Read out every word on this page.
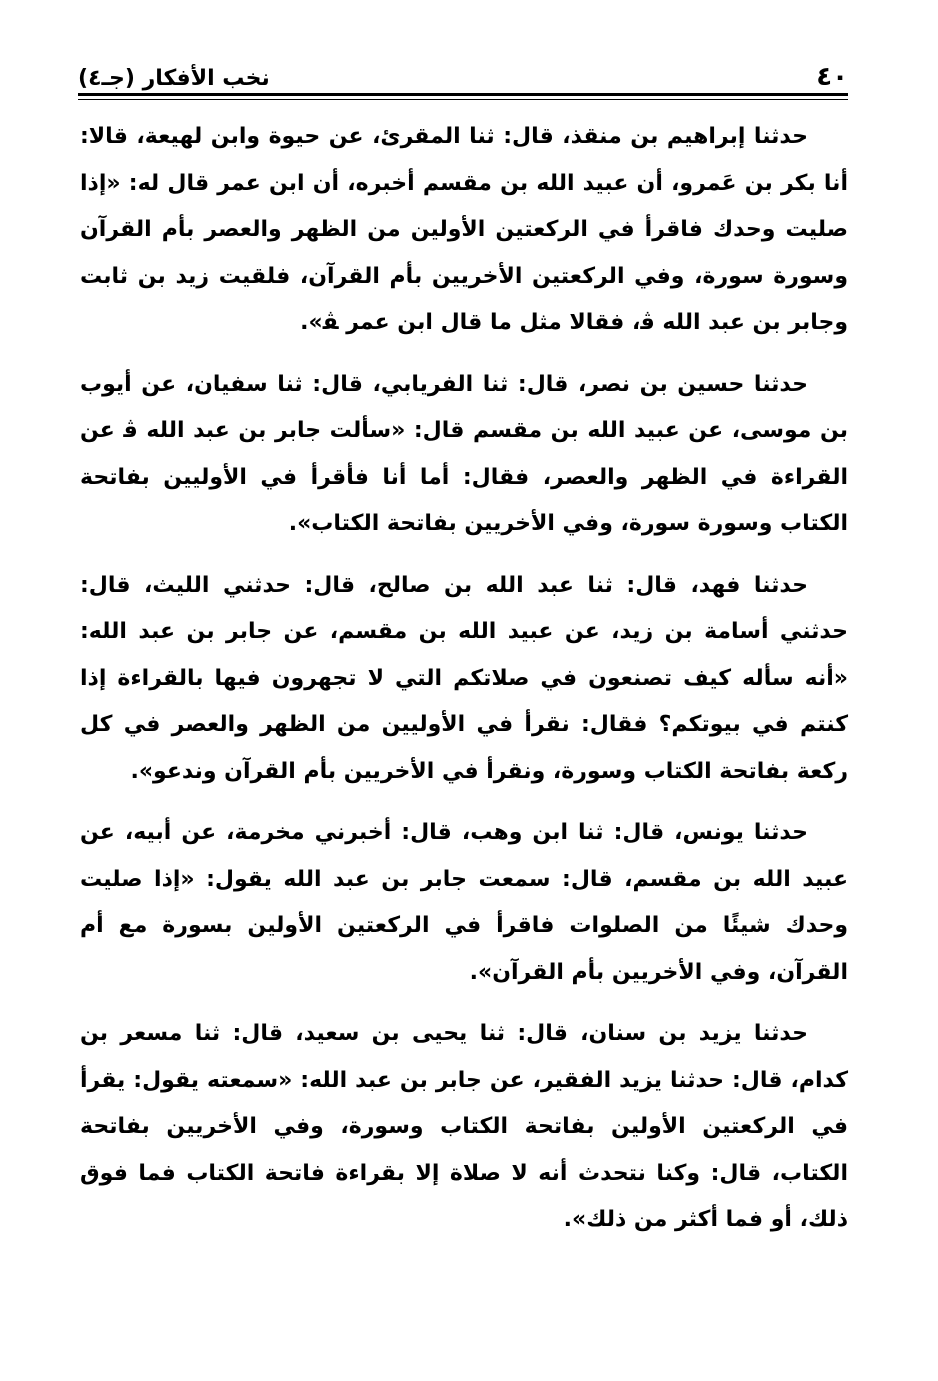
٤٠
نخب الأفكار (جـ٤)

حدثنا إبراهيم بن منقذ، قال: ثنا المقرئ، عن حيوة وابن لهيعة، قالا: أنا بكر بن عَمرو، أن عبيد الله بن مقسم أخبره، أن ابن عمر قال له: «إذا صليت وحدك فاقرأ في الركعتين الأولين من الظهر والعصر بأم القرآن وسورة سورة، وفي الركعتين الأخريين بأم القرآن، فلقيت زيد بن ثابت وجابر بن عبد الله ﭬ، فقالا مثل ما قال ابن عمر ﭭ».

حدثنا حسين بن نصر، قال: ثنا الفريابي، قال: ثنا سفيان، عن أيوب بن موسى، عن عبيد الله بن مقسم قال: «سألت جابر بن عبد الله ﭬ عن القراءة في الظهر والعصر، فقال: أما أنا فأقرأ في الأوليين بفاتحة الكتاب وسورة سورة، وفي الأخريين بفاتحة الكتاب».

حدثنا فهد، قال: ثنا عبد الله بن صالح، قال: حدثني الليث، قال: حدثني أسامة بن زيد، عن عبيد الله بن مقسم، عن جابر بن عبد الله: «أنه سأله كيف تصنعون في صلاتكم التي لا تجهرون فيها بالقراءة إذا كنتم في بيوتكم؟ فقال: نقرأ في الأوليين من الظهر والعصر في كل ركعة بفاتحة الكتاب وسورة، ونقرأ في الأخريين بأم القرآن وندعو».

حدثنا يونس، قال: ثنا ابن وهب، قال: أخبرني مخرمة، عن أبيه، عن عبيد الله بن مقسم، قال: سمعت جابر بن عبد الله يقول: «إذا صليت وحدك شيئًا من الصلوات فاقرأ في الركعتين الأولين بسورة مع أم القرآن، وفي الأخريين بأم القرآن».

حدثنا يزيد بن سنان، قال: ثنا يحيى بن سعيد، قال: ثنا مسعر بن كدام، قال: حدثنا يزيد الفقير، عن جابر بن عبد الله: «سمعته يقول: يقرأ في الركعتين الأولين بفاتحة الكتاب وسورة، وفي الأخريين بفاتحة الكتاب، قال: وكنا نتحدث أنه لا صلاة إلا بقراءة فاتحة الكتاب فما فوق ذلك، أو فما أكثر من ذلك».
